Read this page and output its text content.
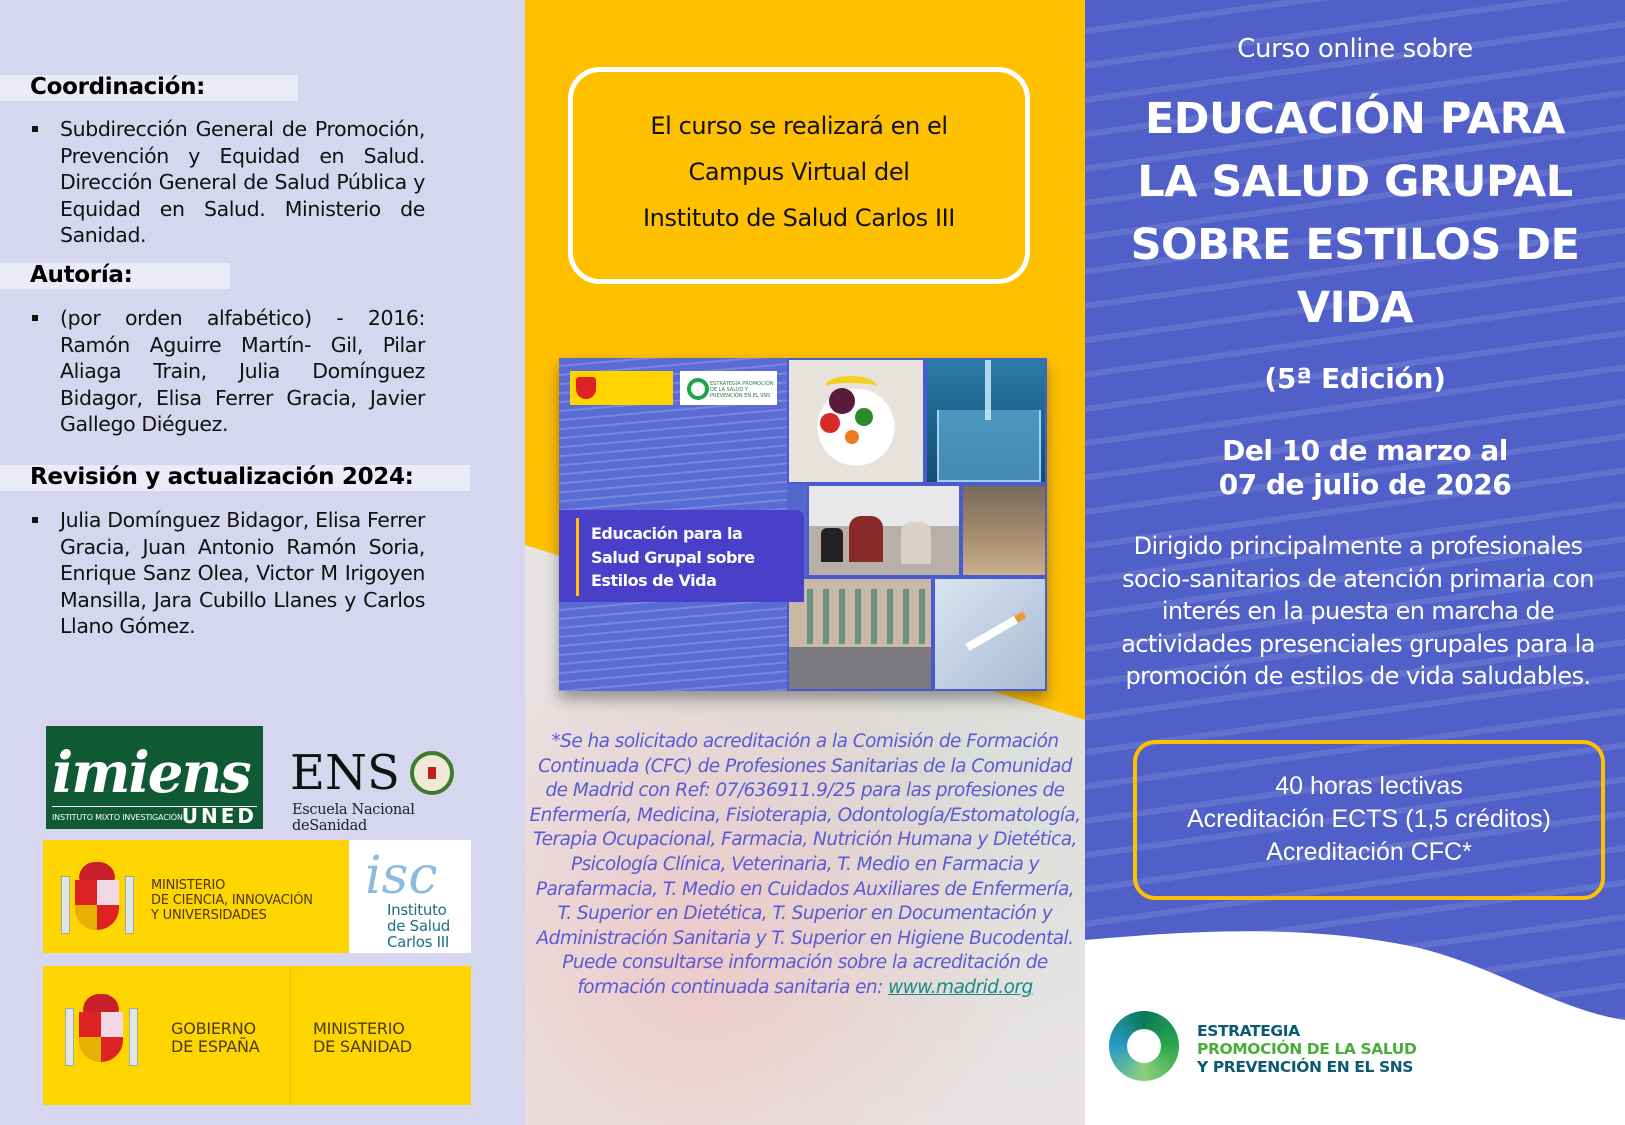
Coordinación:
Subdirección General de Promoción, Prevención y Equidad en Salud. Dirección General de Salud Pública y Equidad en Salud. Ministerio de Sanidad.
Autoría:
(por orden alfabético) - 2016: Ramón Aguirre Martín- Gil, Pilar Aliaga Train, Julia Domínguez Bidagor, Elisa Ferrer Gracia, Javier Gallego Diéguez.
Revisión y actualización 2024:
Julia Domínguez Bidagor, Elisa Ferrer Gracia, Juan Antonio Ramón Soria, Enrique Sanz Olea, Victor M Irigoyen Mansilla, Jara Cubillo Llanes y Carlos Llano Gómez.
imiens
INSTITUTO MIXTO INVESTIGACIÓN UNED
ENS
Escuela Nacional deSanidad
MINISTERIO
DE CIENCIA, INNOVACIÓN
Y UNIVERSIDADES
isc
Instituto
de Salud
Carlos III
GOBIERNO
DE ESPAÑA
MINISTERIO
DE SANIDAD
El curso se realizará en el
Campus Virtual del
Instituto de Salud Carlos III
ESTRATEGIA PROMOCIÓN DE LA SALUD Y PREVENCIÓN EN EL SNS
Educación para la
Salud Grupal sobre
Estilos de Vida
*Se ha solicitado acreditación a la Comisión de Formación Continuada (CFC) de Profesiones Sanitarias de la Comunidad de Madrid con Ref: 07/636911.9/25 para las profesiones de Enfermería, Medicina, Fisioterapia, Odontología/Estomatología, Terapia Ocupacional, Farmacia, Nutrición Humana y Dietética, Psicología Clínica, Veterinaria, T. Medio en Farmacia y Parafarmacia, T. Medio en Cuidados Auxiliares de Enfermería, T. Superior en Dietética, T. Superior en Documentación y Administración Sanitaria y T. Superior en Higiene Bucodental. Puede consultarse información sobre la acreditación de formación continuada sanitaria en: www.madrid.org
Curso online sobre
EDUCACIÓN PARA
LA SALUD GRUPAL
SOBRE ESTILOS DE
VIDA
(5ª Edición)
Del 10 de marzo al
07 de julio de 2026
Dirigido principalmente a profesionales
socio-sanitarios de atención primaria con
interés en la puesta en marcha de
actividades presenciales grupales para la
promoción de estilos de vida saludables.
40 horas lectivas
Acreditación ECTS (1,5 créditos)
Acreditación CFC*
ESTRATEGIA
PROMOCIÓN DE LA SALUD
Y PREVENCIÓN EN EL SNS
